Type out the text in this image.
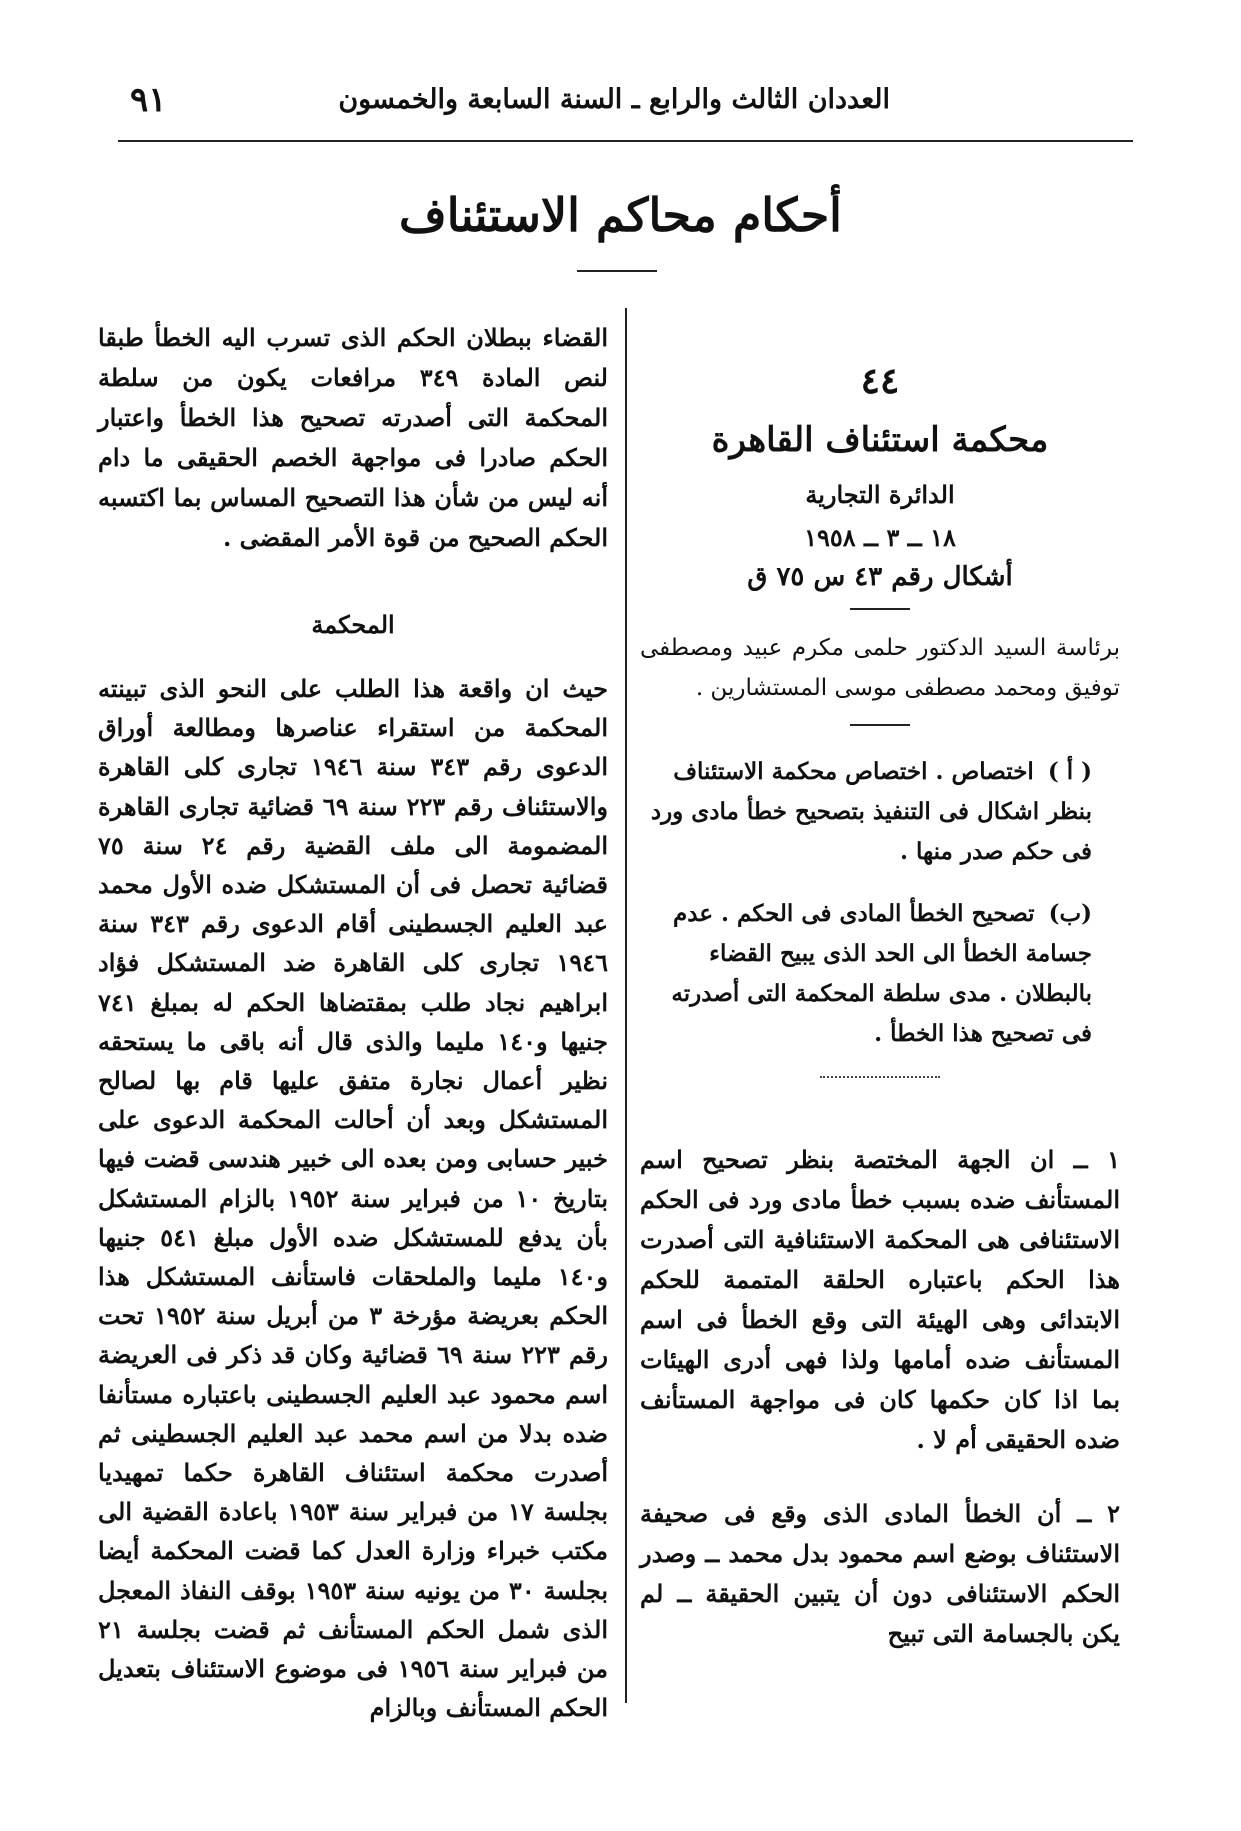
العددان الثالث والرابع ـ السنة السابعة والخمسون
٩١
أحكام محاكم الاستئناف
٤٤
محكمة استئناف القاهرة
الدائرة التجارية
١٨ ــ ٣ ــ ١٩٥٨
أشكال رقم ٤٣ س ٧٥ ق
برئاسة السيد الدكتور حلمى مكرم عبيد ومصطفى توفيق ومحمد مصطفى موسى المستشارين .
( أ ) اختصاص . اختصاص محكمة الاستئناف بنظر اشكال فى التنفيذ بتصحيح خطأ مادى ورد فى حكم صدر منها .
(ب) تصحيح الخطأ المادى فى الحكم . عدم جسامة الخطأ الى الحد الذى يبيح القضاء بالبطلان . مدى سلطة المحكمة التى أصدرته فى تصحيح هذا الخطأ .

١ ــ ان الجهة المختصة بنظر تصحيح اسم المستأنف ضده بسبب خطأ مادى ورد فى الحكم الاستئنافى هى المحكمة الاستئنافية التى أصدرت هذا الحكم باعتباره الحلقة المتممة للحكم الابتدائى وهى الهيئة التى وقع الخطأ فى اسم المستأنف ضده أمامها ولذا فهى أدرى الهيئات بما اذا كان حكمها كان فى مواجهة المستأنف ضده الحقيقى أم لا .

٢ ــ أن الخطأ المادى الذى وقع فى صحيفة الاستئناف بوضع اسم محمود بدل محمد ــ وصدر الحكم الاستئنافى دون أن يتبين الحقيقة ــ لم يكن بالجسامة التى تبيح

القضاء ببطلان الحكم الذى تسرب اليه الخطأ طبقا لنص المادة ٣٤٩ مرافعات يكون من سلطة المحكمة التى أصدرته تصحيح هذا الخطأ واعتبار الحكم صادرا فى مواجهة الخصم الحقيقى ما دام أنه ليس من شأن هذا التصحيح المساس بما اكتسبه الحكم الصحيح من قوة الأمر المقضى .

المحكمة

حيث ان واقعة هذا الطلب على النحو الذى تبينته المحكمة من استقراء عناصرها ومطالعة أوراق الدعوى رقم ٣٤٣ سنة ١٩٤٦ تجارى كلى القاهرة والاستئناف رقم ٢٢٣ سنة ٦٩ قضائية تجارى القاهرة المضمومة الى ملف القضية رقم ٢٤ سنة ٧٥ قضائية تحصل فى أن المستشكل ضده الأول محمد عبد العليم الجسطينى أقام الدعوى رقم ٣٤٣ سنة ١٩٤٦ تجارى كلى القاهرة ضد المستشكل فؤاد ابراهيم نجاد طلب بمقتضاها الحكم له بمبلغ ٧٤١ جنيها و١٤٠ مليما والذى قال أنه باقى ما يستحقه نظير أعمال نجارة متفق عليها قام بها لصالح المستشكل وبعد أن أحالت المحكمة الدعوى على خبير حسابى ومن بعده الى خبير هندسى قضت فيها بتاريخ ١٠ من فبراير سنة ١٩٥٢ بالزام المستشكل بأن يدفع للمستشكل ضده الأول مبلغ ٥٤١ جنيها و١٤٠ مليما والملحقات فاستأنف المستشكل هذا الحكم بعريضة مؤرخة ٣ من أبريل سنة ١٩٥٢ تحت رقم ٢٢٣ سنة ٦٩ قضائية وكان قد ذكر فى العريضة اسم محمود عبد العليم الجسطينى باعتباره مستأنفا ضده بدلا من اسم محمد عبد العليم الجسطينى ثم أصدرت محكمة استئناف القاهرة حكما تمهيديا بجلسة ١٧ من فبراير سنة ١٩٥٣ باعادة القضية الى مكتب خبراء وزارة العدل كما قضت المحكمة أيضا بجلسة ٣٠ من يونيه سنة ١٩٥٣ بوقف النفاذ المعجل الذى شمل الحكم المستأنف ثم قضت بجلسة ٢١ من فبراير سنة ١٩٥٦ فى موضوع الاستئناف بتعديل الحكم المستأنف وبالزام
